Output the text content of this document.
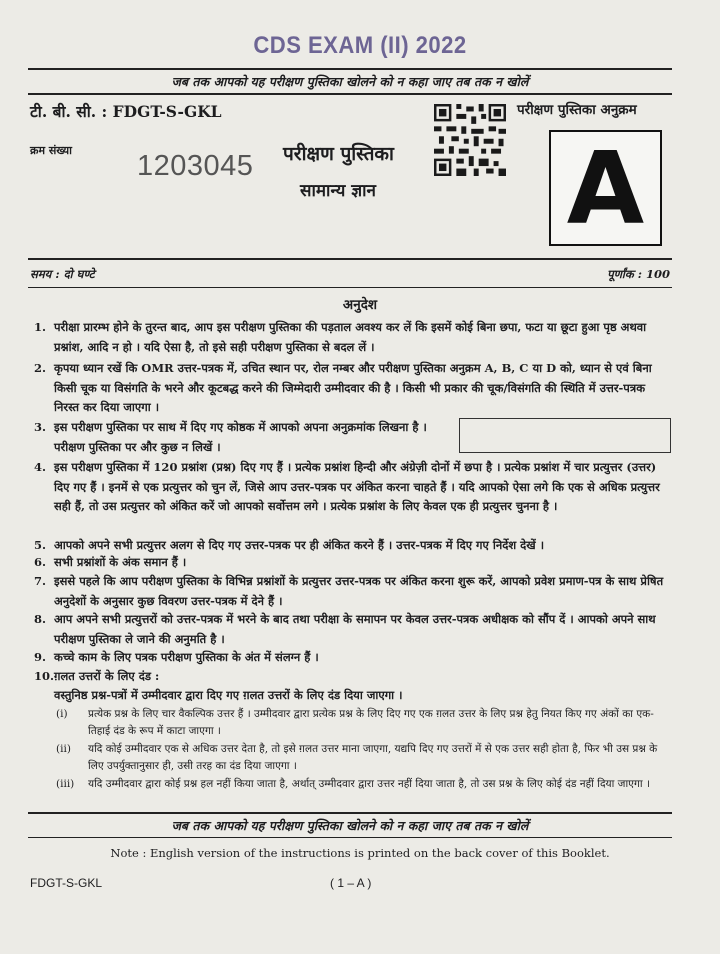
CDS EXAM (II) 2022
जब तक आपको यह परीक्षण पुस्तिका खोलने को न कहा जाए तब तक न खोलें
टी. बी. सी. : FDGT-S-GKL
क्रम संख्या 1203045 परीक्षण पुस्तिका
सामान्य ज्ञान
परीक्षण पुस्तिका अनुक्रम
A
समय : दो घण्टे	पूर्णांक : 100
अनुदेश
1. परीक्षा प्रारम्भ होने के तुरन्त बाद, आप इस परीक्षण पुस्तिका की पड़ताल अवश्य कर लें कि इसमें कोई बिना छपा, फटा या छूटा हुआ पृष्ठ अथवा प्रश्नांश, आदि न हो । यदि ऐसा है, तो इसे सही परीक्षण पुस्तिका से बदल लें ।
2. कृपया ध्यान रखें कि OMR उत्तर-पत्रक में, उचित स्थान पर, रोल नम्बर और परीक्षण पुस्तिका अनुक्रम A, B, C या D को, ध्यान से एवं बिना किसी चूक या विसंगति के भरने और कूटबद्ध करने की जिम्मेदारी उम्मीदवार की है । किसी भी प्रकार की चूक/विसंगति की स्थिति में उत्तर-पत्रक निरस्त कर दिया जाएगा ।
3. इस परीक्षण पुस्तिका पर साथ में दिए गए कोष्ठक में आपको अपना अनुक्रमांक लिखना है । परीक्षण पुस्तिका पर और कुछ न लिखें ।
4. इस परीक्षण पुस्तिका में 120 प्रश्नांश (प्रश्न) दिए गए हैं । प्रत्येक प्रश्नांश हिन्दी और अंग्रेज़ी दोनों में छपा है । प्रत्येक प्रश्नांश में चार प्रत्युत्तर (उत्तर) दिए गए हैं । इनमें से एक प्रत्युत्तर को चुन लें, जिसे आप उत्तर-पत्रक पर अंकित करना चाहते हैं । यदि आपको ऐसा लगे कि एक से अधिक प्रत्युत्तर सही हैं, तो उस प्रत्युत्तर को अंकित करें जो आपको सर्वोत्तम लगे । प्रत्येक प्रश्नांश के लिए केवल एक ही प्रत्युत्तर चुनना है ।
5. आपको अपने सभी प्रत्युत्तर अलग से दिए गए उत्तर-पत्रक पर ही अंकित करने हैं । उत्तर-पत्रक में दिए गए निर्देश देखें ।
6. सभी प्रश्नांशों के अंक समान हैं ।
7. इससे पहले कि आप परीक्षण पुस्तिका के विभिन्न प्रश्नांशों के प्रत्युत्तर उत्तर-पत्रक पर अंकित करना शुरू करें, आपको प्रवेश प्रमाण-पत्र के साथ प्रेषित अनुदेशों के अनुसार कुछ विवरण उत्तर-पत्रक में देने हैं ।
8. आप अपने सभी प्रत्युत्तरों को उत्तर-पत्रक में भरने के बाद तथा परीक्षा के समापन पर केवल उत्तर-पत्रक अधीक्षक को सौंप दें । आपको अपने साथ परीक्षण पुस्तिका ले जाने की अनुमति है ।
9. कच्चे काम के लिए पत्रक परीक्षण पुस्तिका के अंत में संलग्न हैं ।
10. ग़लत उत्तरों के लिए दंड :
वस्तुनिष्ठ प्रश्न-पत्रों में उम्मीदवार द्वारा दिए गए ग़लत उत्तरों के लिए दंड दिया जाएगा ।
(i) प्रत्येक प्रश्न के लिए चार वैकल्पिक उत्तर हैं । उम्मीदवार द्वारा प्रत्येक प्रश्न के लिए दिए गए एक ग़लत उत्तर के लिए प्रश्न हेतु नियत किए गए अंकों का एक-तिहाई दंड के रूप में काटा जाएगा ।
(ii) यदि कोई उम्मीदवार एक से अधिक उत्तर देता है, तो इसे ग़लत उत्तर माना जाएगा, यद्यपि दिए गए उत्तरों में से एक उत्तर सही होता है, फिर भी उस प्रश्न के लिए उपर्युक्तानुसार ही, उसी तरह का दंड दिया जाएगा ।
(iii) यदि उम्मीदवार द्वारा कोई प्रश्न हल नहीं किया जाता है, अर्थात् उम्मीदवार द्वारा उत्तर नहीं दिया जाता है, तो उस प्रश्न के लिए कोई दंड नहीं दिया जाएगा ।
जब तक आपको यह परीक्षण पुस्तिका खोलने को न कहा जाए तब तक न खोलें
Note : English version of the instructions is printed on the back cover of this Booklet.
FDGT-S-GKL	( 1 – A )
